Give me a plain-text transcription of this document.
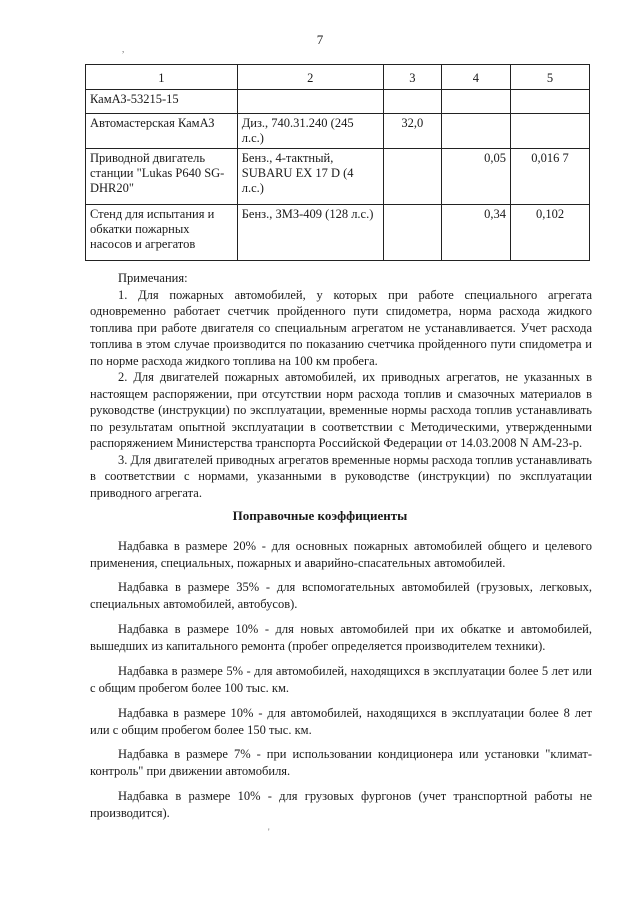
7
,
1	2	3	4	5
КамАЗ-53215-15				
Автомастерская КамАЗ	Диз., 740.31.240 (245 л.с.)	32,0		
Приводной двигатель станции "Lukas P640 SG-DHR20"	Бенз., 4-тактный, SUBARU EX 17 D (4 л.с.)		0,05	0,016 7
Стенд для испытания и обкатки пожарных насосов и агрегатов	Бенз., ЗМЗ-409 (128 л.с.)		0,34	0,102

Примечания:

1. Для пожарных автомобилей, у которых при работе специального агрегата одновременно работает счетчик пройденного пути спидометра, норма расхода жидкого топлива при работе двигателя со специальным агрегатом не устанавливается. Учет расхода топлива в этом случае производится по показанию счетчика пройденного пути спидометра и по норме расхода жидкого топлива на 100 км пробега.

2. Для двигателей пожарных автомобилей, их приводных агрегатов, не указанных в настоящем распоряжении, при отсутствии норм расхода топлив и смазочных материалов в руководстве (инструкции) по эксплуатации, временные нормы расхода топлив устанавливать по результатам опытной эксплуатации в соответствии с Методическими, утвержденными распоряжением Министерства транспорта Российской Федерации от 14.03.2008 N АМ-23-р.

3. Для двигателей приводных агрегатов временные нормы расхода топлив устанавливать в соответствии с нормами, указанными в руководстве (инструкции) по эксплуатации приводного агрегата.

Поправочные коэффициенты

Надбавка в размере 20% - для основных пожарных автомобилей общего и целевого применения, специальных, пожарных и аварийно-спасательных автомобилей.

Надбавка в размере 35% - для вспомогательных автомобилей (грузовых, легковых, специальных автомобилей, автобусов).

Надбавка в размере 10% - для новых автомобилей при их обкатке и автомобилей, вышедших из капитального ремонта (пробег определяется производителем техники).

Надбавка в размере 5% - для автомобилей, находящихся в эксплуатации более 5 лет или с общим пробегом более 100 тыс. км.

Надбавка в размере 10% - для автомобилей, находящихся в эксплуатации более 8 лет или с общим пробегом более 150 тыс. км.

Надбавка в размере 7% - при использовании кондиционера или установки "климат-контроль" при движении автомобиля.

Надбавка в размере 10% - для грузовых фургонов (учет транспортной работы не производится).

'
